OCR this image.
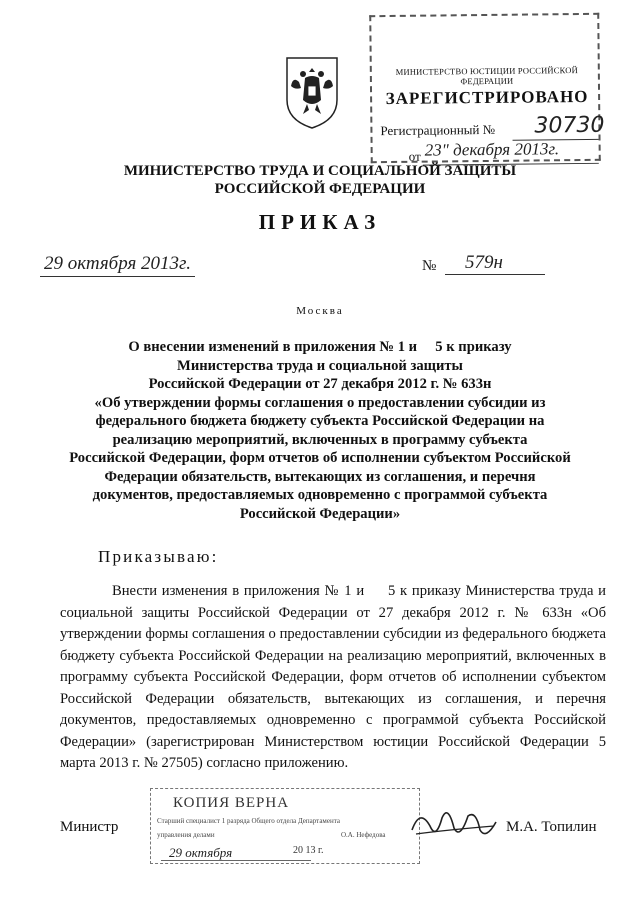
МИНИСТЕРСТВО ЮСТИЦИИ РОССИЙСКОЙ ФЕДЕРАЦИИ
ЗАРЕГИСТРИРОВАНО
Регистрационный № 30730
от 23" декабря 2013г.
МИНИСТЕРСТВО ТРУДА И СОЦИАЛЬНОЙ ЗАЩИТЫ
РОССИЙСКОЙ ФЕДЕРАЦИИ
ПРИКАЗ
29 октября 2013г.	№	579н
Москва
О внесении изменений в приложения № 1 и     5 к приказу
Министерства труда и социальной защиты
Российской Федерации от 27 декабря 2012 г. № 633н
«Об утверждении формы соглашения о предоставлении субсидии из
федерального бюджета бюджету субъекта Российской Федерации на
реализацию мероприятий, включенных в программу субъекта
Российской Федерации, форм отчетов об исполнении субъектом Российской
Федерации обязательств, вытекающих из соглашения, и перечня
документов, предоставляемых одновременно с программой субъекта
Российской Федерации»
Приказываю:
Внести изменения в приложения № 1 и     5 к приказу Министерства труда и социальной защиты Российской Федерации от 27 декабря 2012 г. № 633н «Об утверждении формы соглашения о предоставлении субсидии из федерального бюджета бюджету субъекта Российской Федерации на реализацию мероприятий, включенных в программу субъекта Российской Федерации, форм отчетов об исполнении субъектом Российской Федерации обязательств, вытекающих из соглашения, и перечня документов, предоставляемых одновременно с программой субъекта Российской Федерации» (зарегистрирован Министерством юстиции Российской Федерации 5 марта 2013 г. № 27505) согласно приложению.
КОПИЯ ВЕРНА
Старший специалист 1 разряда Общего отдела Департамента
управления делами	О.А. Нефедова
29 октября	20 13 г.
Министр	М.А. Топилин
